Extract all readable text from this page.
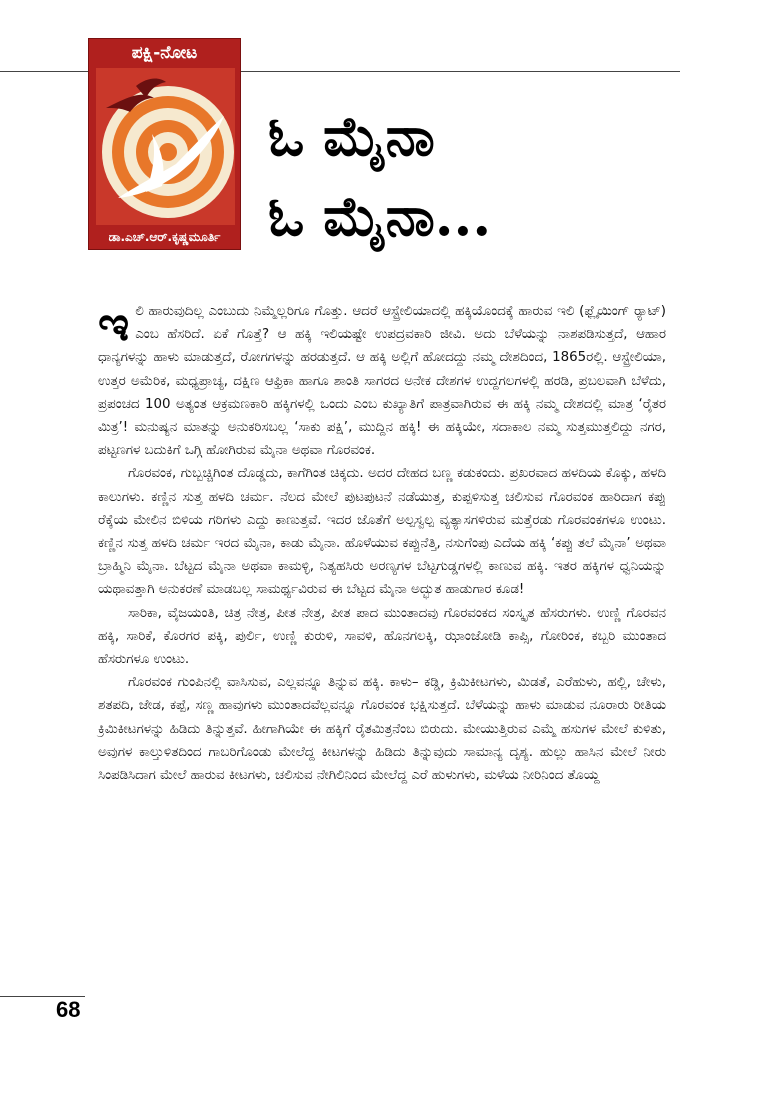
ಪಕ್ಷಿ-ನೋಟ
ಡಾ.ಎಚ್.ಆರ್.ಕೃಷ್ಣಮೂರ್ತಿ
ಓ ಮೈನಾ
ಓ ಮೈನಾ...

ಇಲಿ ಹಾರುವುದಿಲ್ಲ ಎಂಬುದು ನಿಮ್ಮೆಲ್ಲರಿಗೂ ಗೊತ್ತು. ಆದರೆ ಆಸ್ಟ್ರೇಲಿಯಾದಲ್ಲಿ ಹಕ್ಕಿಯೊಂದಕ್ಕೆ ಹಾರುವ ಇಲಿ (ಫ್ಲೈಯಿಂಗ್ ರ‍್ಯಾಟ್) ಎಂಬ ಹೆಸರಿದೆ. ಏಕೆ ಗೊತ್ತೆ? ಆ ಹಕ್ಕಿ ಇಲಿಯಷ್ಟೇ ಉಪದ್ರವಕಾರಿ ಜೀವಿ. ಅದು ಬೆಳೆಯನ್ನು ನಾಶಪಡಿಸುತ್ತದೆ, ಆಹಾರ ಧಾನ್ಯಗಳನ್ನು ಹಾಳು ಮಾಡುತ್ತದೆ, ರೋಗಗಳನ್ನು ಹರಡುತ್ತದೆ. ಆ ಹಕ್ಕಿ ಅಲ್ಲಿಗೆ ಹೋದದ್ದು ನಮ್ಮ ದೇಶದಿಂದ, 1865ರಲ್ಲಿ. ಆಸ್ಟ್ರೇಲಿಯಾ, ಉತ್ತರ ಅಮೆರಿಕ, ಮಧ್ಯಪ್ರಾಚ್ಯ, ದಕ್ಷಿಣ ಆಫ್ರಿಕಾ ಹಾಗೂ ಶಾಂತಿ ಸಾಗರದ ಅನೇಕ ದೇಶಗಳ ಉದ್ದಗಲಗಳಲ್ಲಿ ಹರಡಿ, ಪ್ರಬಲವಾಗಿ ಬೆಳೆದು, ಪ್ರಪಂಚದ 100 ಅತ್ಯಂತ ಆಕ್ರಮಣಕಾರಿ ಹಕ್ಕಿಗಳಲ್ಲಿ ಒಂದು ಎಂಬ ಕುಖ್ಯಾತಿಗೆ ಪಾತ್ರವಾಗಿರುವ ಈ ಹಕ್ಕಿ ನಮ್ಮ ದೇಶದಲ್ಲಿ ಮಾತ್ರ ‘ರೈತರ ಮಿತ್ರ’! ಮನುಷ್ಯನ ಮಾತನ್ನು ಅನುಕರಿಸಬಲ್ಲ ‘ಸಾಕು ಪಕ್ಷಿ’, ಮುದ್ದಿನ ಹಕ್ಕಿ! ಈ ಹಕ್ಕಿಯೇ, ಸದಾಕಾಲ ನಮ್ಮ ಸುತ್ತಮುತ್ತಲಿದ್ದು ನಗರ, ಪಟ್ಟಣಗಳ ಬದುಕಿಗೆ ಒಗ್ಗಿ ಹೋಗಿರುವ ಮೈನಾ ಅಥವಾ ಗೊರವಂಕ.

ಗೊರವಂಕ, ಗುಬ್ಬಚ್ಚಿಗಿಂತ ದೊಡ್ಡದು, ಕಾಗೆಗಿಂತ ಚಿಕ್ಕದು. ಅದರ ದೇಹದ ಬಣ್ಣ ಕಡುಕಂದು. ಪ್ರಖರವಾದ ಹಳದಿಯ ಕೊಕ್ಕು, ಹಳದಿ ಕಾಲುಗಳು. ಕಣ್ಣಿನ ಸುತ್ತ ಹಳದಿ ಚರ್ಮ. ನೆಲದ ಮೇಲೆ ಪುಟಪುಟನೆ ನಡೆಯುತ್ತ, ಕುಪ್ಪಳಿಸುತ್ತ ಚಲಿಸುವ ಗೊರವಂಕ ಹಾರಿದಾಗ ಕಪ್ಪು ರೆಕ್ಕೆಯ ಮೇಲಿನ ಬಿಳಿಯ ಗರಿಗಳು ಎದ್ದು ಕಾಣುತ್ತವೆ. ಇದರ ಜೊತೆಗೆ ಅಲ್ಪಸ್ವಲ್ಪ ವ್ಯತ್ಯಾಸಗಳಿರುವ ಮತ್ತೆರಡು ಗೊರವಂಕಗಳೂ ಉಂಟು. ಕಣ್ಣಿನ ಸುತ್ತ ಹಳದಿ ಚರ್ಮ ಇರದ ಮೈನಾ, ಕಾಡು ಮೈನಾ. ಹೊಳೆಯುವ ಕಪ್ಪುನೆತ್ತಿ, ನಸುಗೆಂಪು ಎದೆಯ ಹಕ್ಕಿ ‘ಕಪ್ಪು ತಲೆ ಮೈನಾ’ ಅಥವಾ ಬ್ರಾಹ್ಮಿನಿ ಮೈನಾ. ಬೆಟ್ಟದ ಮೈನಾ ಅಥವಾ ಕಾಮಳ್ಳಿ, ನಿತ್ಯಹಸಿರು ಅರಣ್ಯಗಳ ಬೆಟ್ಟಗುಡ್ಡಗಳಲ್ಲಿ ಕಾಣುವ ಹಕ್ಕಿ. ಇತರ ಹಕ್ಕಿಗಳ ಧ್ವನಿಯನ್ನು ಯಥಾವತ್ತಾಗಿ ಅನುಕರಣೆ ಮಾಡಬಲ್ಲ ಸಾಮರ್ಥ್ಯವಿರುವ ಈ ಬೆಟ್ಟದ ಮೈನಾ ಅದ್ಭುತ ಹಾಡುಗಾರ ಕೂಡ!

ಸಾರಿಕಾ, ವೈಜಯಂತಿ, ಚಿತ್ರ ನೇತ್ರ, ಪೀತ ನೇತ್ರ, ಪೀತ ಪಾದ ಮುಂತಾದವು ಗೊರವಂಕದ ಸಂಸ್ಕೃತ ಹೆಸರುಗಳು. ಉಣ್ಣಿ ಗೊರವನ ಹಕ್ಕಿ, ಸಾರಿಕೆ, ಕೊರಗರ ಪಕ್ಕಿ, ಪುರ್ಲಿ, ಉಣ್ಣಿ ಕುರುಳಿ, ಸಾವಳಿ, ಹೊನಗಲಕ್ಕಿ, ಝಾಂಜೋಡಿ ಕಾಪ್ಸಿ, ಗೋರಿಂಕ, ಕಬ್ಬರಿ ಮುಂತಾದ ಹೆಸರುಗಳೂ ಉಂಟು.

ಗೊರವಂಕ ಗುಂಪಿನಲ್ಲಿ ವಾಸಿಸುವ, ಎಲ್ಲವನ್ನೂ ತಿನ್ನುವ ಹಕ್ಕಿ. ಕಾಳು– ಕಡ್ಡಿ, ಕ್ರಿಮಿಕೀಟಗಳು, ಮಿಡತೆ, ಎರೆಹುಳು, ಹಲ್ಲಿ, ಚೇಳು, ಶತಪದಿ, ಜೇಡ, ಕಪ್ಪೆ, ಸಣ್ಣ ಹಾವುಗಳು ಮುಂತಾದವೆಲ್ಲವನ್ನೂ ಗೊರವಂಕ ಭಕ್ಷಿಸುತ್ತದೆ. ಬೆಳೆಯನ್ನು ಹಾಳು ಮಾಡುವ ನೂರಾರು ರೀತಿಯ ಕ್ರಿಮಿಕೀಟಗಳನ್ನು ಹಿಡಿದು ತಿನ್ನುತ್ತವೆ. ಹೀಗಾಗಿಯೇ ಈ ಹಕ್ಕಿಗೆ ರೈತಮಿತ್ರನೆಂಬ ಬಿರುದು. ಮೇಯುತ್ತಿರುವ ಎಮ್ಮೆ ಹಸುಗಳ ಮೇಲೆ ಕುಳಿತು, ಅವುಗಳ ಕಾಲ್ತುಳಿತದಿಂದ ಗಾಬರಿಗೊಂಡು ಮೇಲೆದ್ದ ಕೀಟಗಳನ್ನು ಹಿಡಿದು ತಿನ್ನುವುದು ಸಾಮಾನ್ಯ ದೃಶ್ಯ. ಹುಲ್ಲು ಹಾಸಿನ ಮೇಲೆ ನೀರು ಸಿಂಪಡಿಸಿದಾಗ ಮೇಲೆ ಹಾರುವ ಕೀಟಗಳು, ಚಲಿಸುವ ನೇಗಿಲಿನಿಂದ ಮೇಲೆದ್ದ ಎರೆ ಹುಳುಗಳು, ಮಳೆಯ ನೀರಿನಿಂದ ತೊಯ್ದ

68
